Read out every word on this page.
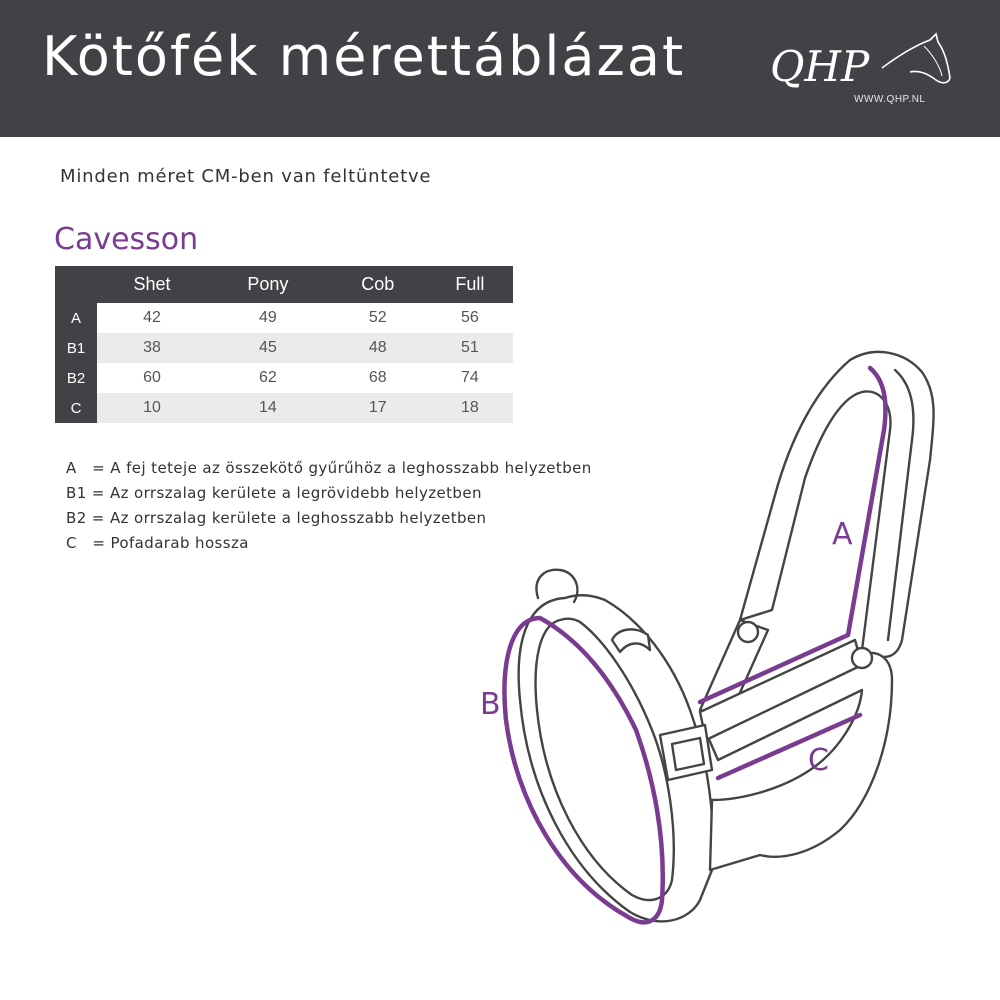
Kötőfék mérettáblázat QHP
WWW.QHP.NL

Minden méret CM-ben van feltüntetve

Cavesson
	Shet	Pony	Cob	Full
A	42	49	52	56
B1	38	45	48	51
B2	60	62	68	74
C	10	14	17	18
A   = A fej teteje az összekötő gyűrűhöz a leghosszabb helyzetben
B1 = Az orrszalag kerülete a legrövidebb helyzetben
B2 = Az orrszalag kerülete a leghosszabb helyzetben
C   = Pofadarab hossza	A
B
C
